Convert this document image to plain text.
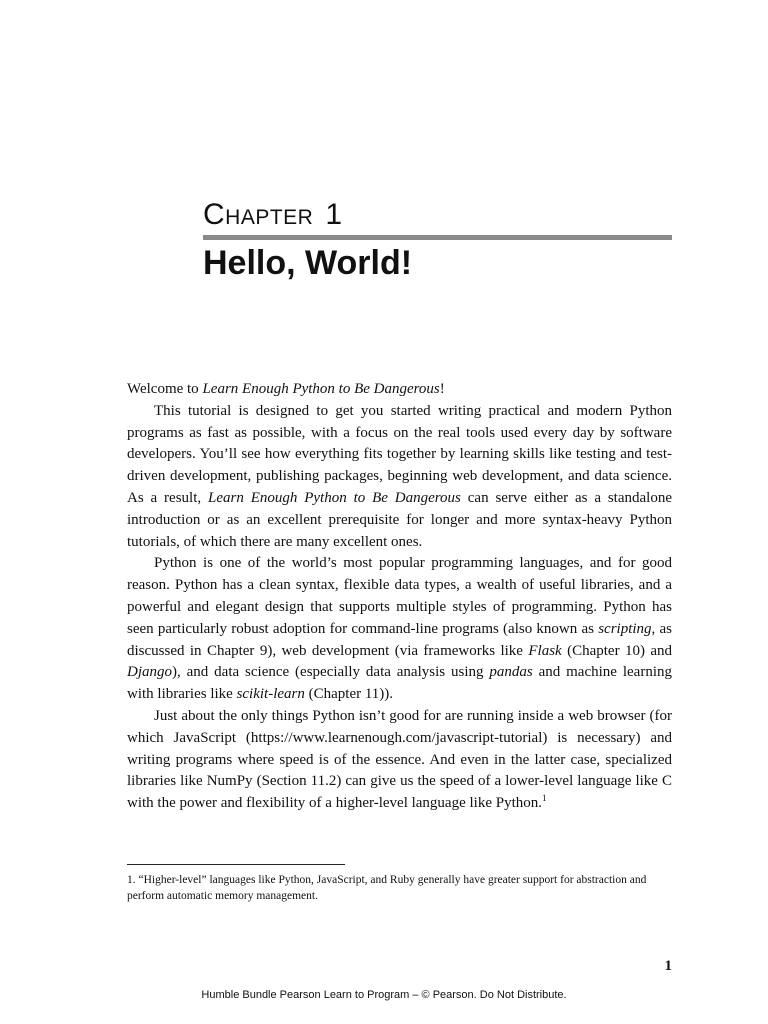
Chapter 1
Hello, World!

Welcome to Learn Enough Python to Be Dangerous!

This tutorial is designed to get you started writing practical and modern Python programs as fast as possible, with a focus on the real tools used every day by software developers. You’ll see how everything fits together by learning skills like testing and test-driven development, publishing packages, beginning web development, and data science. As a result, Learn Enough Python to Be Dangerous can serve either as a standalone introduction or as an excellent prerequisite for longer and more syntax-heavy Python tutorials, of which there are many excellent ones.

Python is one of the world’s most popular programming languages, and for good reason. Python has a clean syntax, flexible data types, a wealth of useful libraries, and a powerful and elegant design that supports multiple styles of programming. Python has seen particularly robust adoption for command-line programs (also known as scripting, as discussed in Chapter 9), web development (via frameworks like Flask (Chapter 10) and Django), and data science (especially data analysis using pandas and machine learning with libraries like scikit-learn (Chapter 11)).

Just about the only things Python isn’t good for are running inside a web browser (for which JavaScript (https://www.learnenough.com/javascript-tutorial) is necessary) and writing programs where speed is of the essence. And even in the latter case, specialized libraries like NumPy (Section 11.2) can give us the speed of a lower-level language like C with the power and flexibility of a higher-level language like Python.$^1$

1. “Higher-level” languages like Python, JavaScript, and Ruby generally have greater support for abstraction and perform automatic memory management.

1
Humble Bundle Pearson Learn to Program – © Pearson. Do Not Distribute.
